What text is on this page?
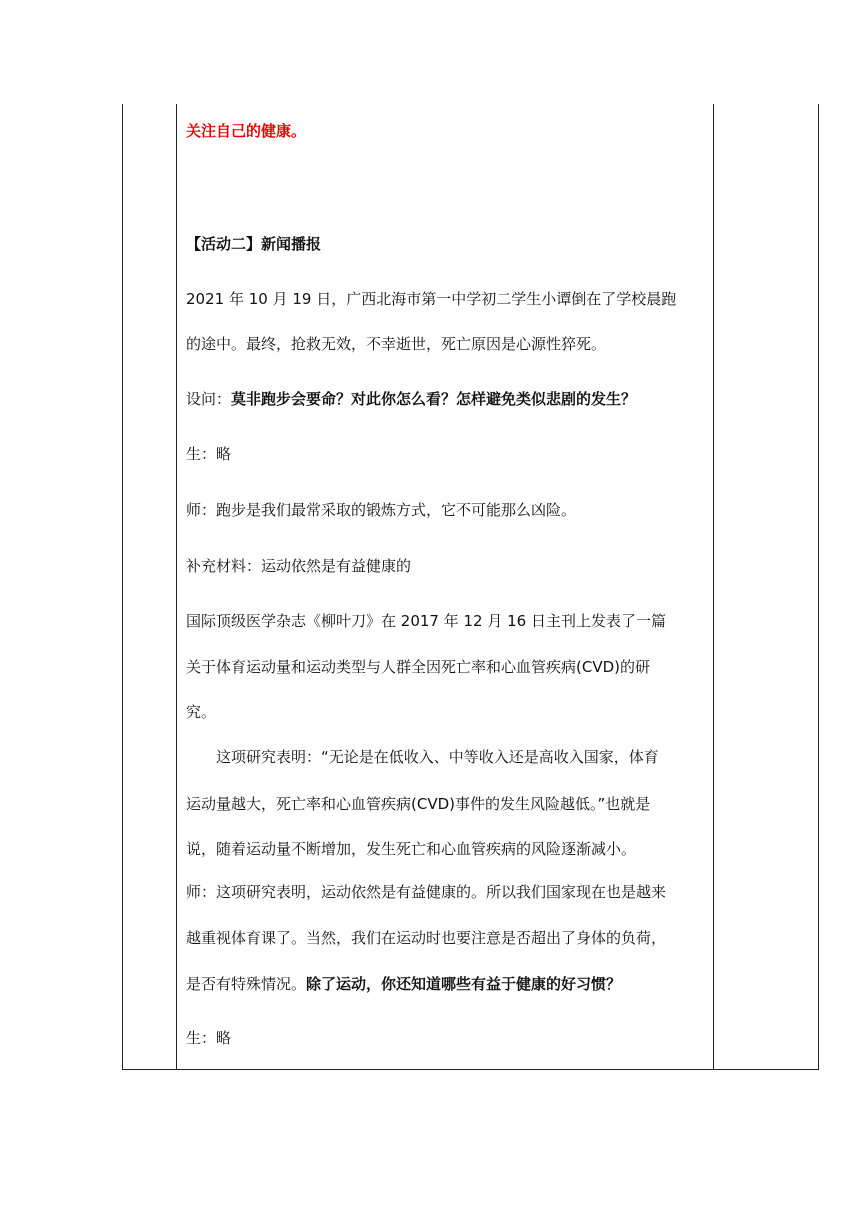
关注自己的健康。
【活动二】新闻播报
2021 年 10 月 19 日，广西北海市第一中学初二学生小谭倒在了学校晨跑
的途中。最终，抢救无效，不幸逝世，死亡原因是心源性猝死。
设问：莫非跑步会要命？对此你怎么看？怎样避免类似悲剧的发生？
生：略
师：跑步是我们最常采取的锻炼方式，它不可能那么凶险。
补充材料：运动依然是有益健康的
国际顶级医学杂志《柳叶刀》在 2017 年 12 月 16 日主刊上发表了一篇
关于体育运动量和运动类型与人群全因死亡率和心血管疾病(CVD)的研
究。
这项研究表明：“无论是在低收入、中等收入还是高收入国家，体育
运动量越大，死亡率和心血管疾病(CVD)事件的发生风险越低。”也就是
说，随着运动量不断增加，发生死亡和心血管疾病的风险逐渐减小。
师：这项研究表明，运动依然是有益健康的。所以我们国家现在也是越来
越重视体育课了。当然，我们在运动时也要注意是否超出了身体的负荷，
是否有特殊情况。除了运动，你还知道哪些有益于健康的好习惯？
生：略
